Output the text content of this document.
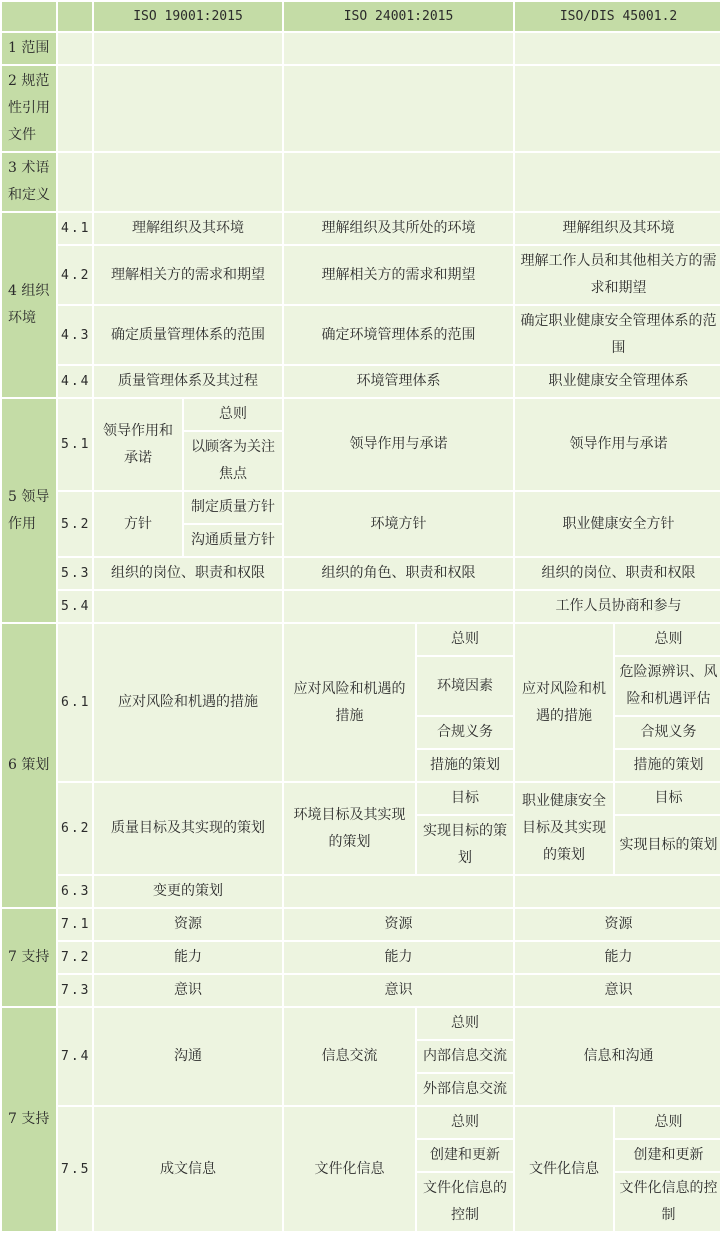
		ISO 19001:2015		ISO 24001:2015		ISO/DIS 45001.2	
1 范围							
2 规范性引用文件							
3 术语和定义							
4 组织环境	4.1	理解组织及其环境		理解组织及其所处的环境		理解组织及其环境	
	4.2	理解相关方的需求和期望		理解相关方的需求和期望		理解工作人员和其他相关方的需求和期望	
	4.3	确定质量管理体系的范围		确定环境管理体系的范围		确定职业健康安全管理体系的范围	
	4.4	质量管理体系及其过程		环境管理体系		职业健康安全管理体系	
5 领导作用	5.1	领导作用和承诺	总则	领导作用与承诺		领导作用与承诺	
			以顾客为关注焦点				
	5.2	方针	制定质量方针	环境方针		职业健康安全方针	
			沟通质量方针				
	5.3	组织的岗位、职责和权限		组织的角色、职责和权限		组织的岗位、职责和权限	
	5.4					工作人员协商和参与	
6 策划	6.1	应对风险和机遇的措施		应对风险和机遇的措施	总则	应对风险和机遇的措施	总则
					环境因素		危险源辨识、风险和机遇评估
					合规义务		合规义务
					措施的策划		措施的策划
	6.2	质量目标及其实现的策划		环境目标及其实现的策划	目标	职业健康安全目标及其实现的策划	目标
					实现目标的策划		实现目标的策划
	6.3	变更的策划					
7 支持	7.1	资源		资源		资源	
	7.2	能力		能力		能力	
	7.3	意识		意识		意识	
7 支持	7.4	沟通		信息交流	总则	信息和沟通	
					内部信息交流		
					外部信息交流		
	7.5	成文信息		文件化信息	总则	文件化信息	总则
					创建和更新		创建和更新
					文件化信息的控制		文件化信息的控制
